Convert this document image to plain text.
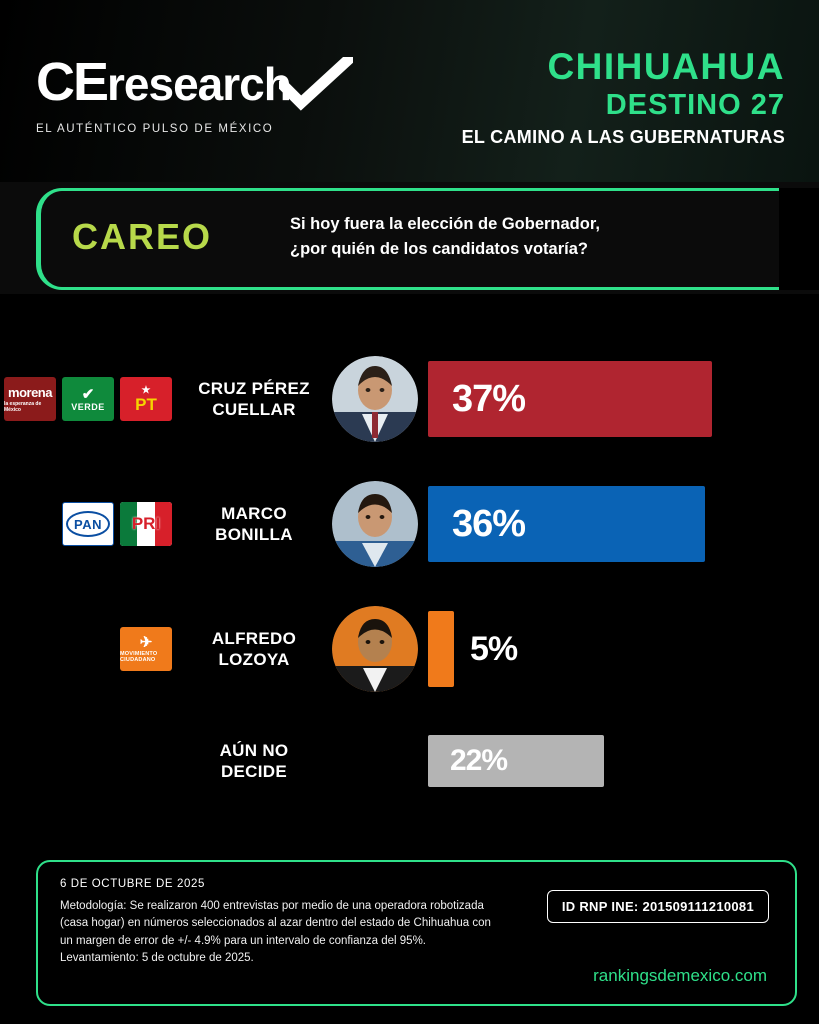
CEresearch
EL AUTÉNTICO PULSO DE MÉXICO
CHIHUAHUA
DESTINO 27
EL CAMINO A LAS GUBERNATURAS
CAREO	Si hoy fuera la elección de Gobernador,
¿por quién de los candidatos votaría?
morena
la esperanza de México
✔
VERDE
★
PT
CRUZ PÉREZ
CUELLAR	37%
PAN	PRI
MARCO
BONILLA	36%
✈
MOVIMIENTO CIUDADANO
ALFREDO
LOZOYA	5%
AÚN NO
DECIDE	22%
6 DE OCTUBRE DE 2025
Metodología: Se realizaron 400 entrevistas por medio de una operadora robotizada (casa hogar) en números seleccionados al azar dentro del estado de Chihuahua con un margen de error de +/- 4.9% para un intervalo de confianza del 95%.
Levantamiento: 5 de octubre de 2025.
ID RNP INE: 201509111210081
rankingsdemexico.com
